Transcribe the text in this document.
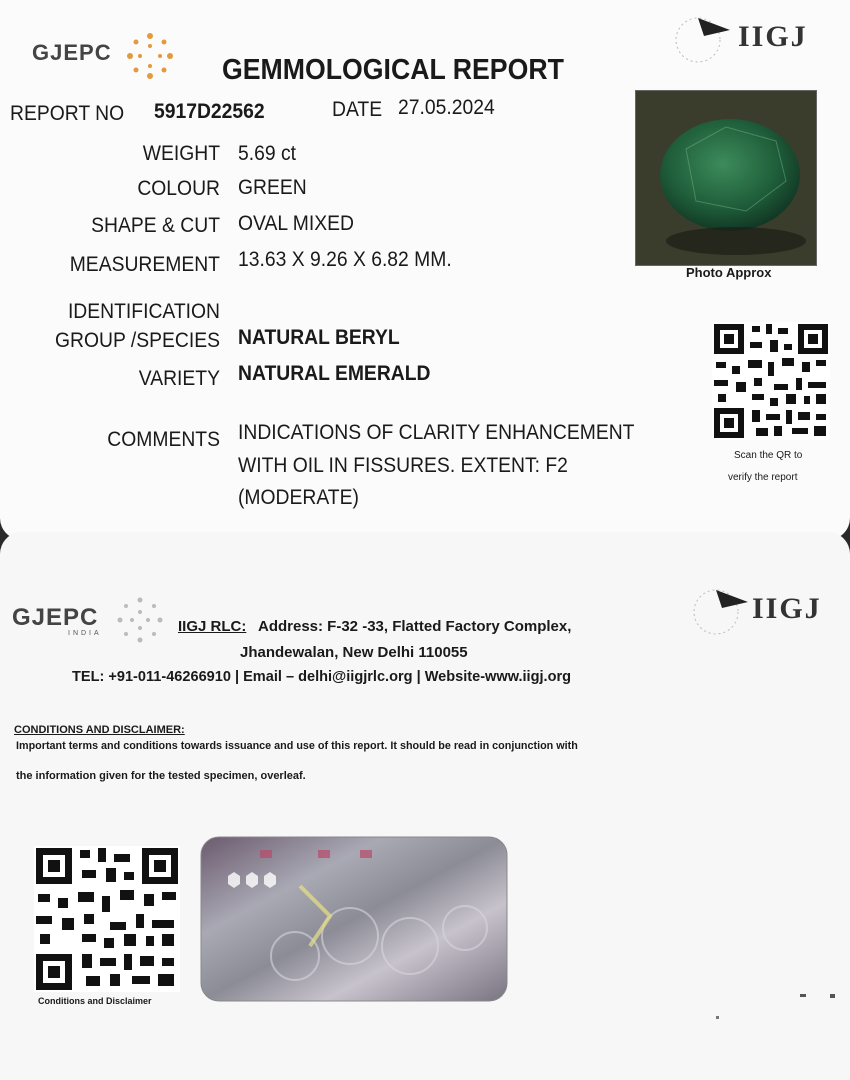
GJEPC	IIGJ
GEMMOLOGICAL REPORT
REPORT NO 5917D22562	DATE 27.05.2024
WEIGHT 5.69 ct
COLOUR GREEN
SHAPE & CUT OVAL MIXED
MEASUREMENT 13.63 X 9.26 X 6.82 MM.
IDENTIFICATION
GROUP /SPECIES NATURAL BERYL
VARIETY NATURAL EMERALD
COMMENTS INDICATIONS OF CLARITY ENHANCEMENT
WITH OIL IN FISSURES. EXTENT: F2
(MODERATE)
Photo Approx
Scan the QR to
verify the report
GJEPC
INDIA
IIGJ
IIGJ RLC: Address: F-32 -33, Flatted Factory Complex,
Jhandewalan, New Delhi 110055
TEL: +91-011-46266910 | Email – delhi@iigjrlc.org | Website-www.iigj.org
CONDITIONS AND DISCLAIMER:
Important terms and conditions towards issuance and use of this report. It should be read in conjunction with
the information given for the tested specimen, overleaf.
Conditions and Disclaimer
